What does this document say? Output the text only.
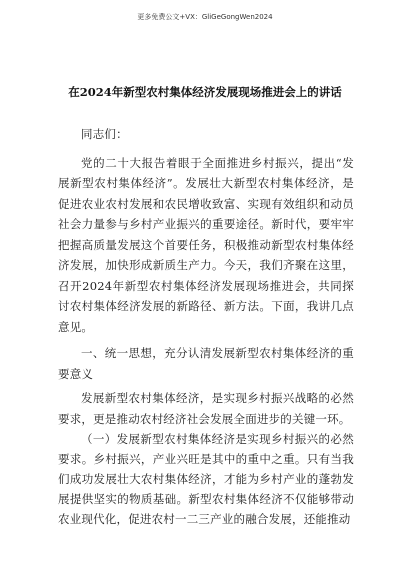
更多免费公文+VX：GliGeGongWen2024
在2024年新型农村集体经济发展现场推进会上的讲话

同志们：

党的二十大报告着眼于全面推进乡村振兴，提出“发展新型农村集体经济”。发展壮大新型农村集体经济，是促进农业农村发展和农民增收致富、实现有效组织和动员社会力量参与乡村产业振兴的重要途径。新时代，要牢牢把握高质量发展这个首要任务，积极推动新型农村集体经济发展，加快形成新质生产力。今天，我们齐聚在这里，召开2024年新型农村集体经济发展现场推进会，共同探讨农村集体经济发展的新路径、新方法。下面，我讲几点意见。

一、统一思想，充分认清发展新型农村集体经济的重要意义

发展新型农村集体经济，是实现乡村振兴战略的必然要求，更是推动农村经济社会发展全面进步的关键一环。

（一）发展新型农村集体经济是实现乡村振兴的必然要求。乡村振兴，产业兴旺是其中的重中之重。只有当我们成功发展壮大农村集体经济，才能为乡村产业的蓬勃发展提供坚实的物质基础。新型农村集体经济不仅能够带动农业现代化，促进农村一二三产业的融合发展，还能推动
